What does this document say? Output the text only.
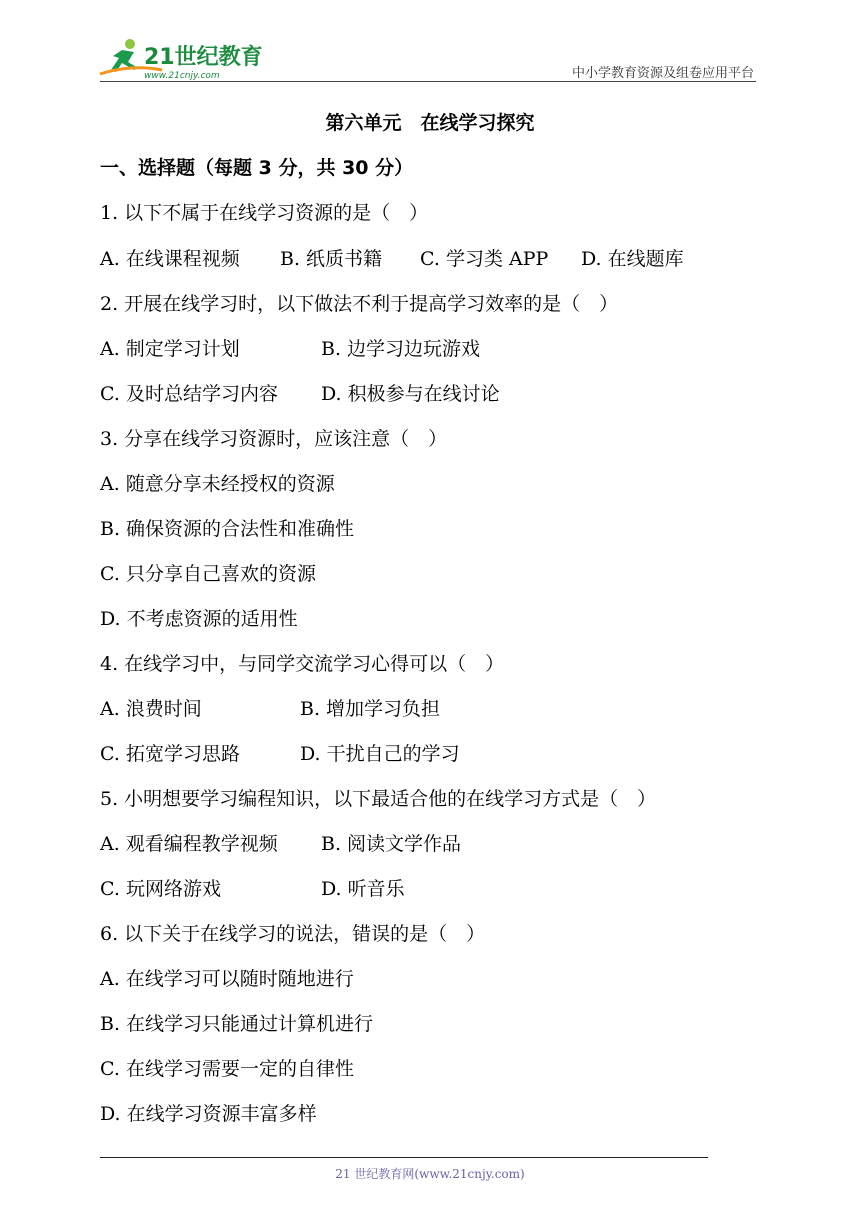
21世纪教育
www.21cnjy.com	中小学教育资源及组卷应用平台
第六单元　在线学习探究
一、选择题（每题 3 分，共 30 分）
1. 以下不属于在线学习资源的是（　）
A. 在线课程视频 B. 纸质书籍 C. 学习类 APP D. 在线题库
2. 开展在线学习时，以下做法不利于提高学习效率的是（　）
A. 制定学习计划	B. 边学习边玩游戏
C. 及时总结学习内容 D. 积极参与在线讨论
3. 分享在线学习资源时，应该注意（　）
A. 随意分享未经授权的资源
B. 确保资源的合法性和准确性
C. 只分享自己喜欢的资源
D. 不考虑资源的适用性
4. 在线学习中，与同学交流学习心得可以（　）
A. 浪费时间	B. 增加学习负担
C. 拓宽学习思路	D. 干扰自己的学习
5. 小明想要学习编程知识，以下最适合他的在线学习方式是（　）
A. 观看编程教学视频 B. 阅读文学作品
C. 玩网络游戏	D. 听音乐
6. 以下关于在线学习的说法，错误的是（　）
A. 在线学习可以随时随地进行
B. 在线学习只能通过计算机进行
C. 在线学习需要一定的自律性
D. 在线学习资源丰富多样
21 世纪教育网(www.21cnjy.com)
